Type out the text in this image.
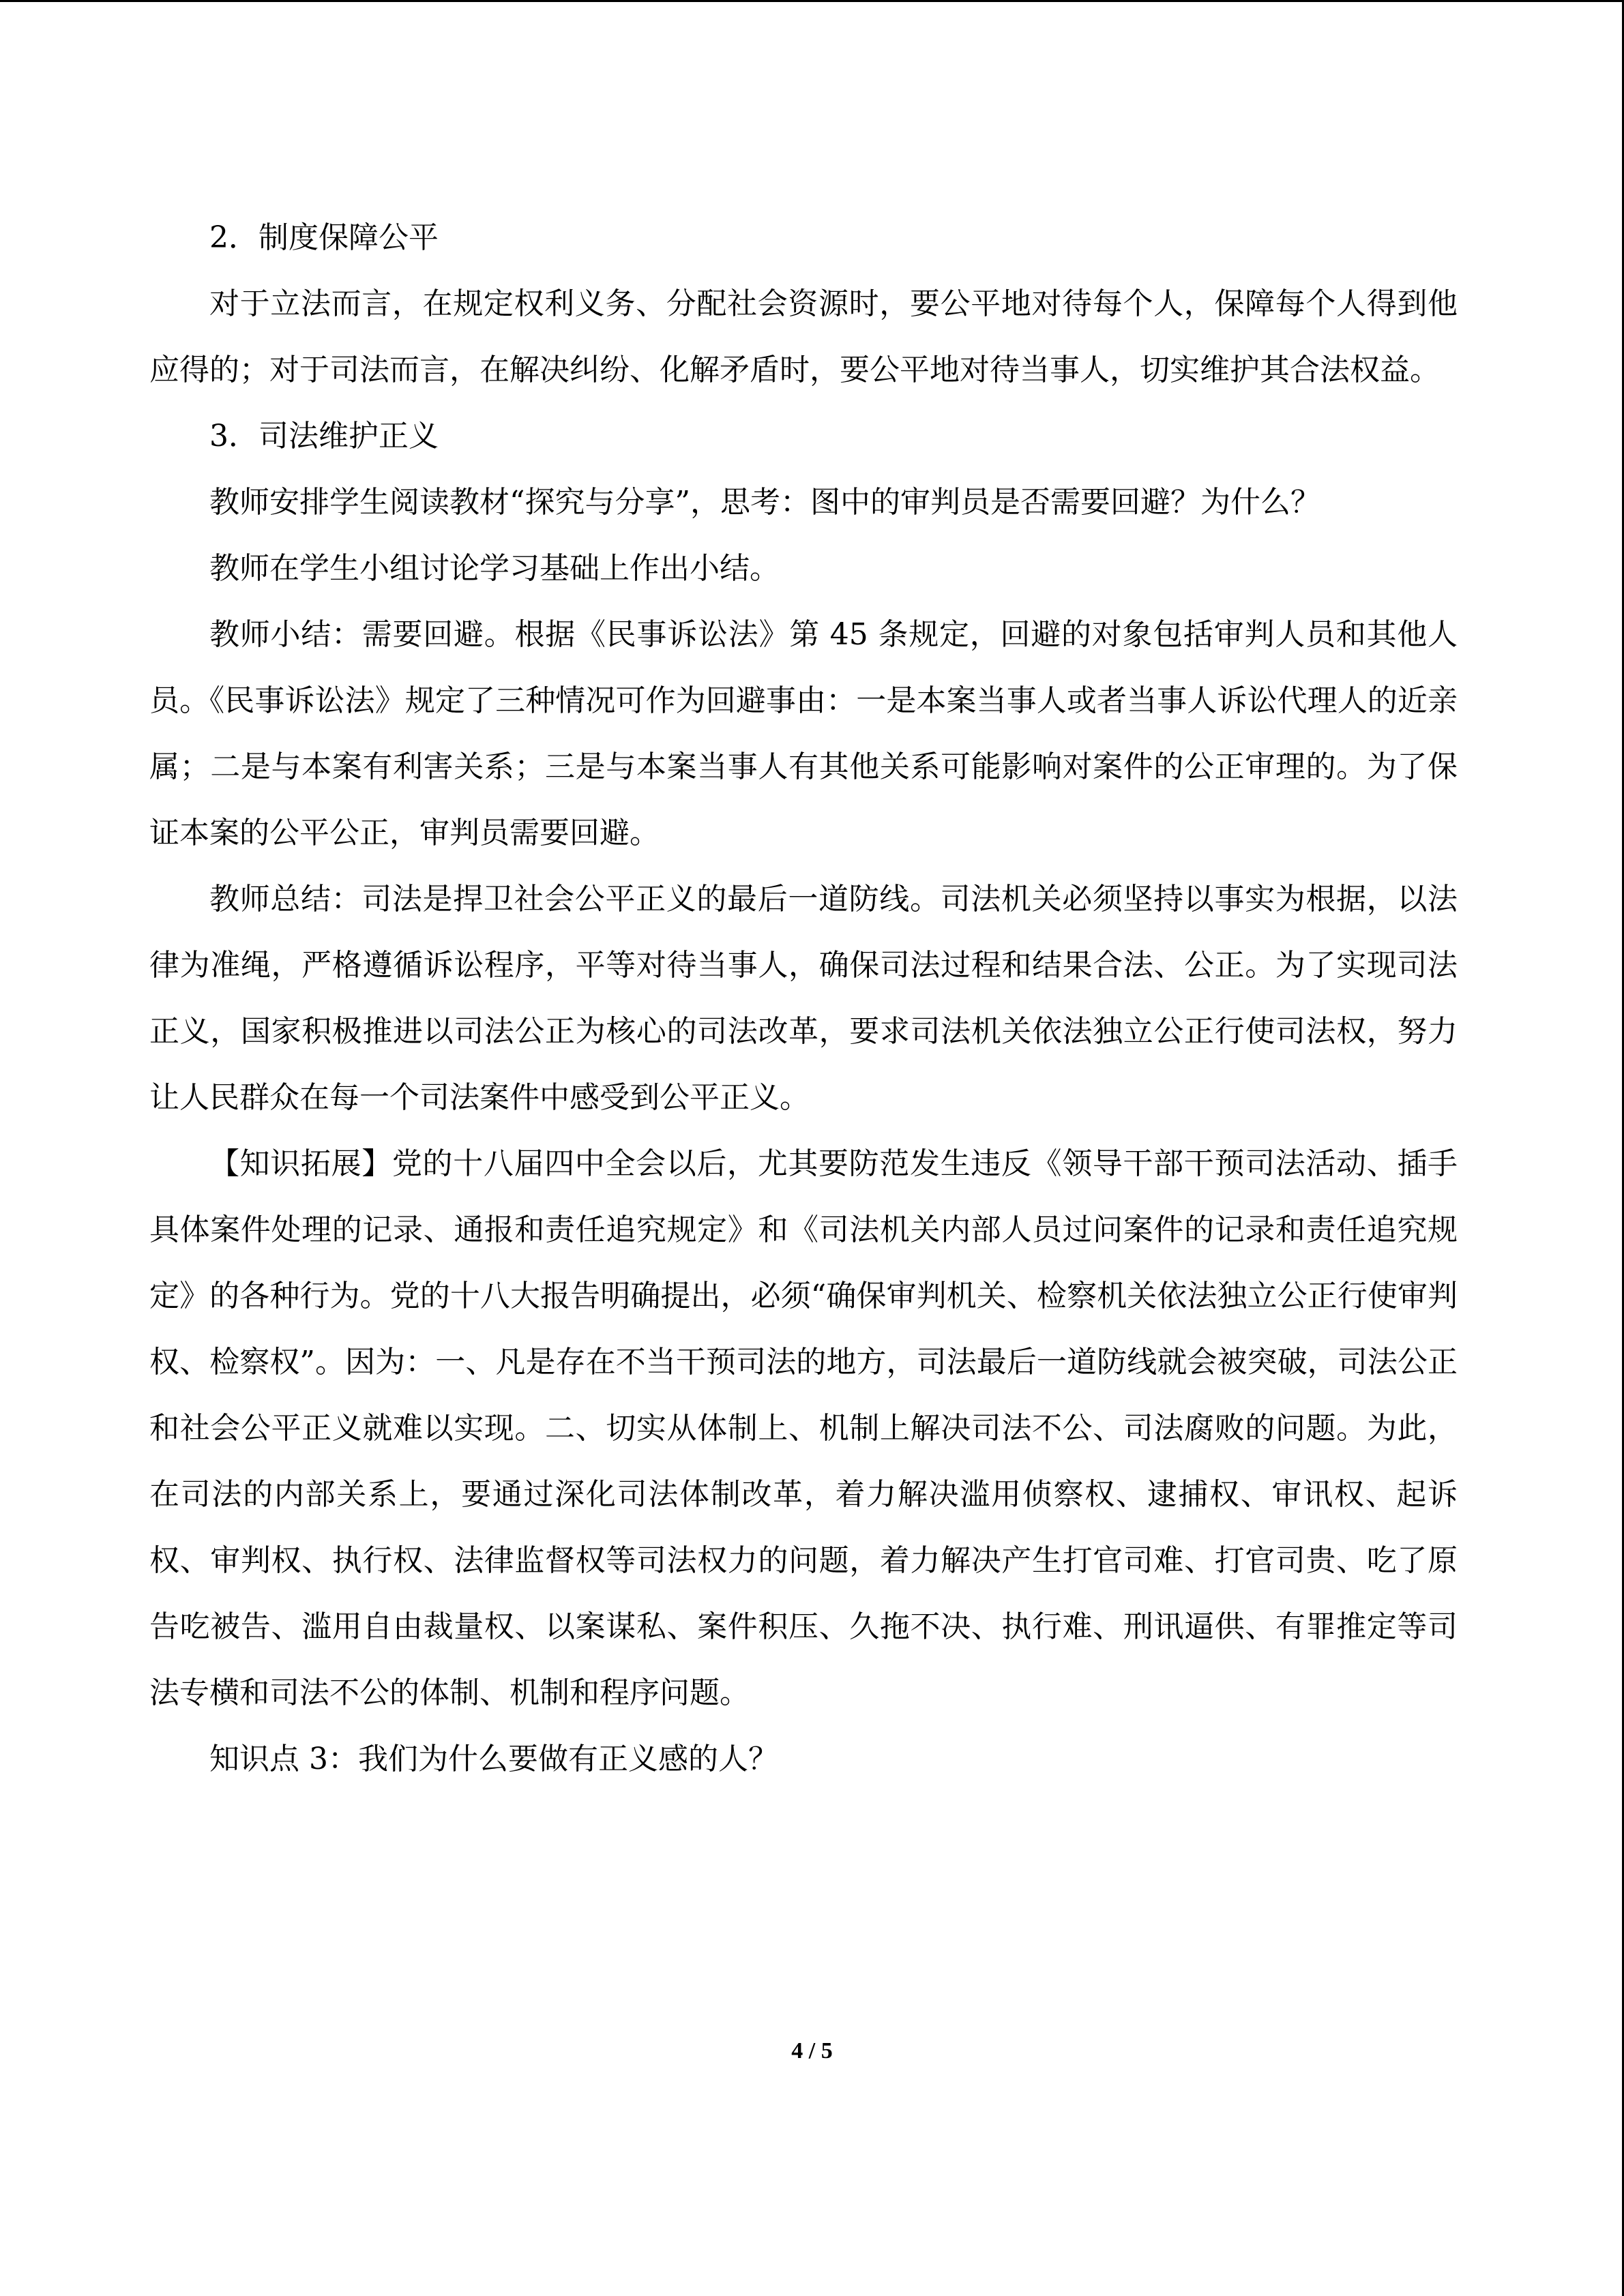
2．制度保障公平

对于立法而言，在规定权利义务、分配社会资源时，要公平地对待每个人，保障每个人得到他应得的；对于司法而言，在解决纠纷、化解矛盾时，要公平地对待当事人，切实维护其合法权益。

3．司法维护正义

教师安排学生阅读教材“探究与分享”，思考：图中的审判员是否需要回避？为什么？

教师在学生小组讨论学习基础上作出小结。

教师小结：需要回避。根据《民事诉讼法》第 45 条规定，回避的对象包括审判人员和其他人员。《民事诉讼法》规定了三种情况可作为回避事由：一是本案当事人或者当事人诉讼代理人的近亲属；二是与本案有利害关系；三是与本案当事人有其他关系可能影响对案件的公正审理的。为了保证本案的公平公正，审判员需要回避。

教师总结：司法是捍卫社会公平正义的最后一道防线。司法机关必须坚持以事实为根据，以法律为准绳，严格遵循诉讼程序，平等对待当事人，确保司法过程和结果合法、公正。为了实现司法正义，国家积极推进以司法公正为核心的司法改革，要求司法机关依法独立公正行使司法权，努力让人民群众在每一个司法案件中感受到公平正义。

【知识拓展】党的十八届四中全会以后，尤其要防范发生违反《领导干部干预司法活动、插手具体案件处理的记录、通报和责任追究规定》和《司法机关内部人员过问案件的记录和责任追究规定》的各种行为。党的十八大报告明确提出，必须“确保审判机关、检察机关依法独立公正行使审判权、检察权”。因为：一、凡是存在不当干预司法的地方，司法最后一道防线就会被突破，司法公正和社会公平正义就难以实现。二、切实从体制上、机制上解决司法不公、司法腐败的问题。为此，在司法的内部关系上，要通过深化司法体制改革，着力解决滥用侦察权、逮捕权、审讯权、起诉权、审判权、执行权、法律监督权等司法权力的问题，着力解决产生打官司难、打官司贵、吃了原告吃被告、滥用自由裁量权、以案谋私、案件积压、久拖不决、执行难、刑讯逼供、有罪推定等司法专横和司法不公的体制、机制和程序问题。

知识点 3：我们为什么要做有正义感的人？

4 / 5
